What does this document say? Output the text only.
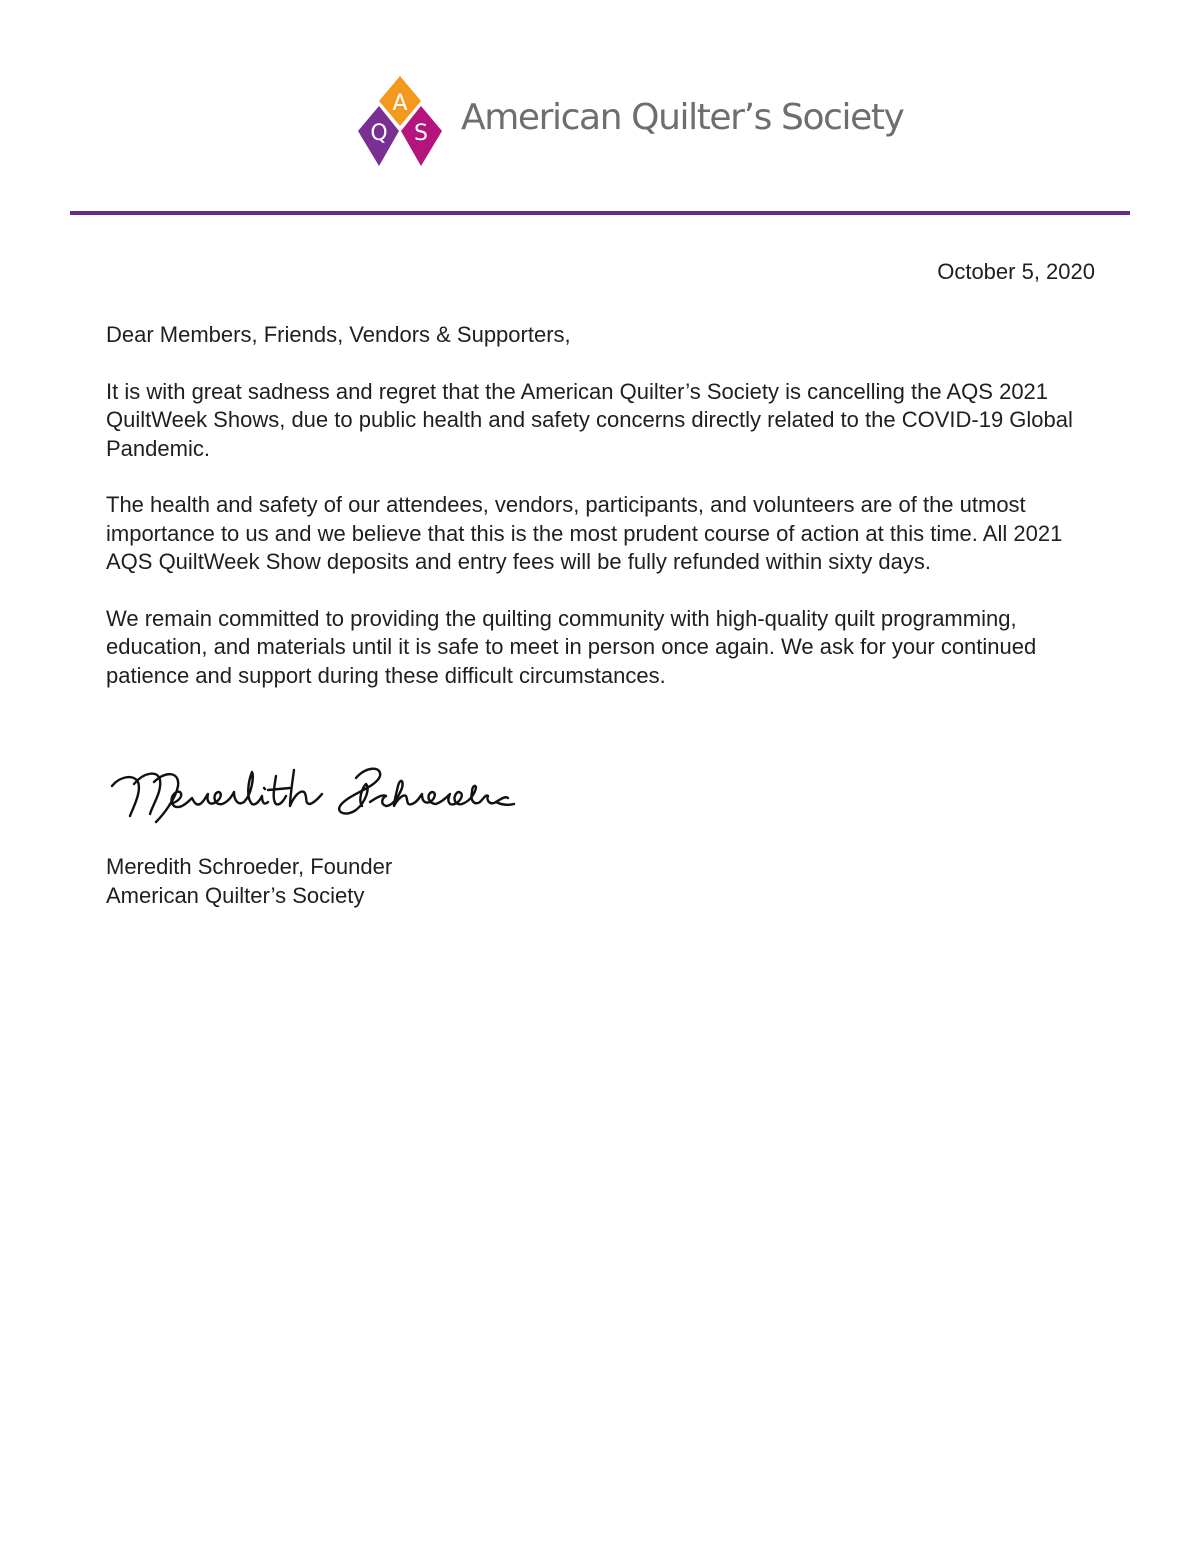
A
Q S American Quilter’s Society
October 5, 2020

Dear Members, Friends, Vendors & Supporters,

It is with great sadness and regret that the American Quilter’s Society is cancelling the AQS 2021 QuiltWeek Shows, due to public health and safety concerns directly related to the COVID-19 Global Pandemic.

The health and safety of our attendees, vendors, participants, and volunteers are of the utmost importance to us and we believe that this is the most prudent course of action at this time. All 2021 AQS QuiltWeek Show deposits and entry fees will be fully refunded within sixty days.

We remain committed to providing the quilting community with high-quality quilt programming, education, and materials until it is safe to meet in person once again. We ask for your continued patience and support during these difficult circumstances.

Meredith Schroeder, Founder
American Quilter’s Society
